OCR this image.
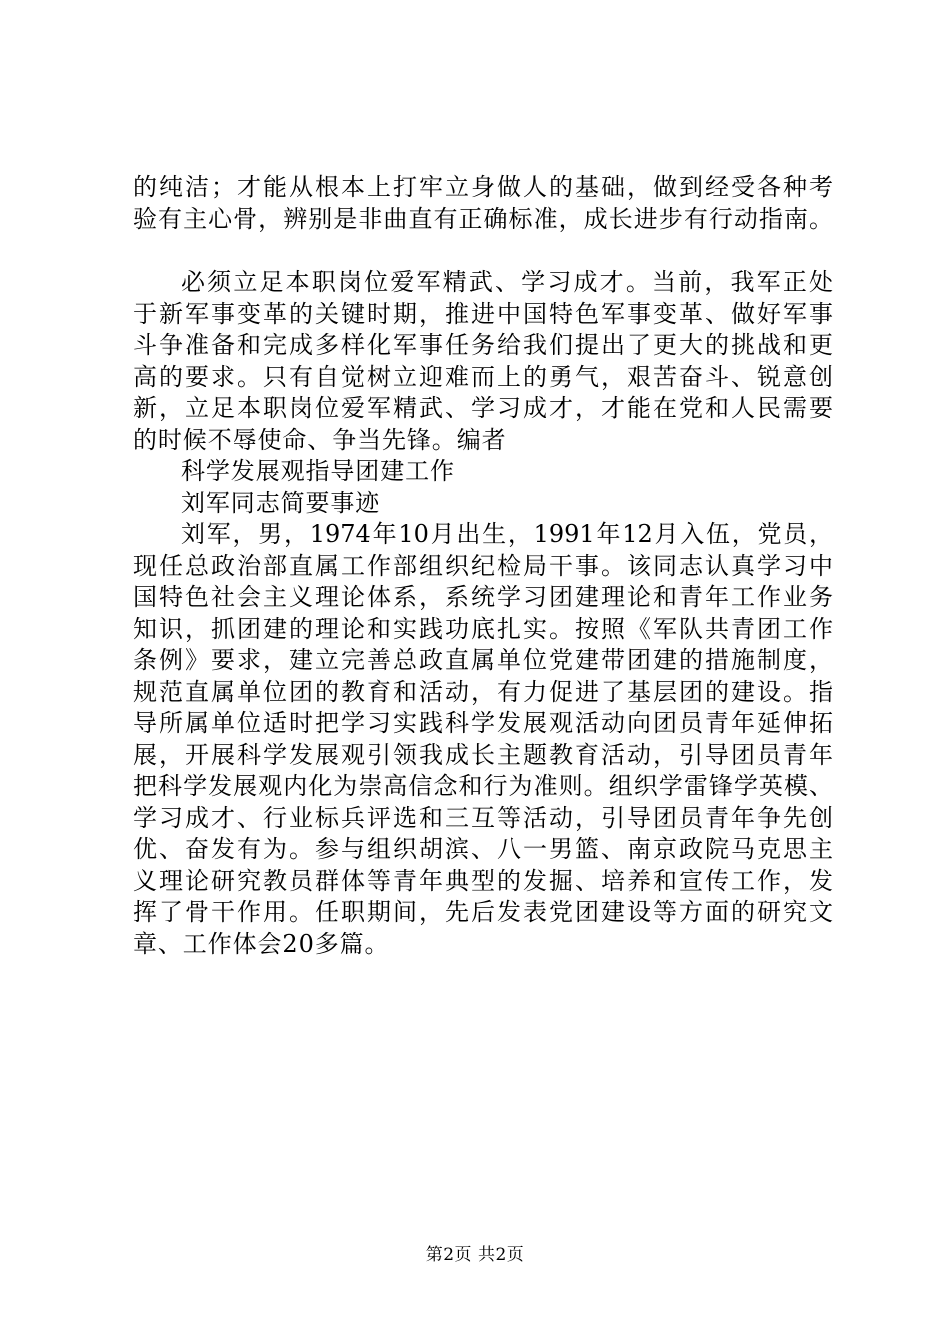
的纯洁；才能从根本上打牢立身做人的基础，做到经受各种考
验有主心骨，辨别是非曲直有正确标准，成长进步有行动指南。
必须立足本职岗位爱军精武、学习成才。当前，我军正处
于新军事变革的关键时期，推进中国特色军事变革、做好军事
斗争准备和完成多样化军事任务给我们提出了更大的挑战和更
高的要求。只有自觉树立迎难而上的勇气，艰苦奋斗、锐意创
新，立足本职岗位爱军精武、学习成才，才能在党和人民需要
的时候不辱使命、争当先锋。编者
科学发展观指导团建工作
刘军同志简要事迹
刘军，男，1974年10月出生，1991年12月入伍，党员，
现任总政治部直属工作部组织纪检局干事。该同志认真学习中
国特色社会主义理论体系，系统学习团建理论和青年工作业务
知识，抓团建的理论和实践功底扎实。按照《军队共青团工作
条例》要求，建立完善总政直属单位党建带团建的措施制度，
规范直属单位团的教育和活动，有力促进了基层团的建设。指
导所属单位适时把学习实践科学发展观活动向团员青年延伸拓
展，开展科学发展观引领我成长主题教育活动，引导团员青年
把科学发展观内化为崇高信念和行为准则。组织学雷锋学英模、
学习成才、行业标兵评选和三互等活动，引导团员青年争先创
优、奋发有为。参与组织胡滨、八一男篮、南京政院马克思主
义理论研究教员群体等青年典型的发掘、培养和宣传工作，发
挥了骨干作用。任职期间，先后发表党团建设等方面的研究文
章、工作体会20多篇。
第2页 共2页
